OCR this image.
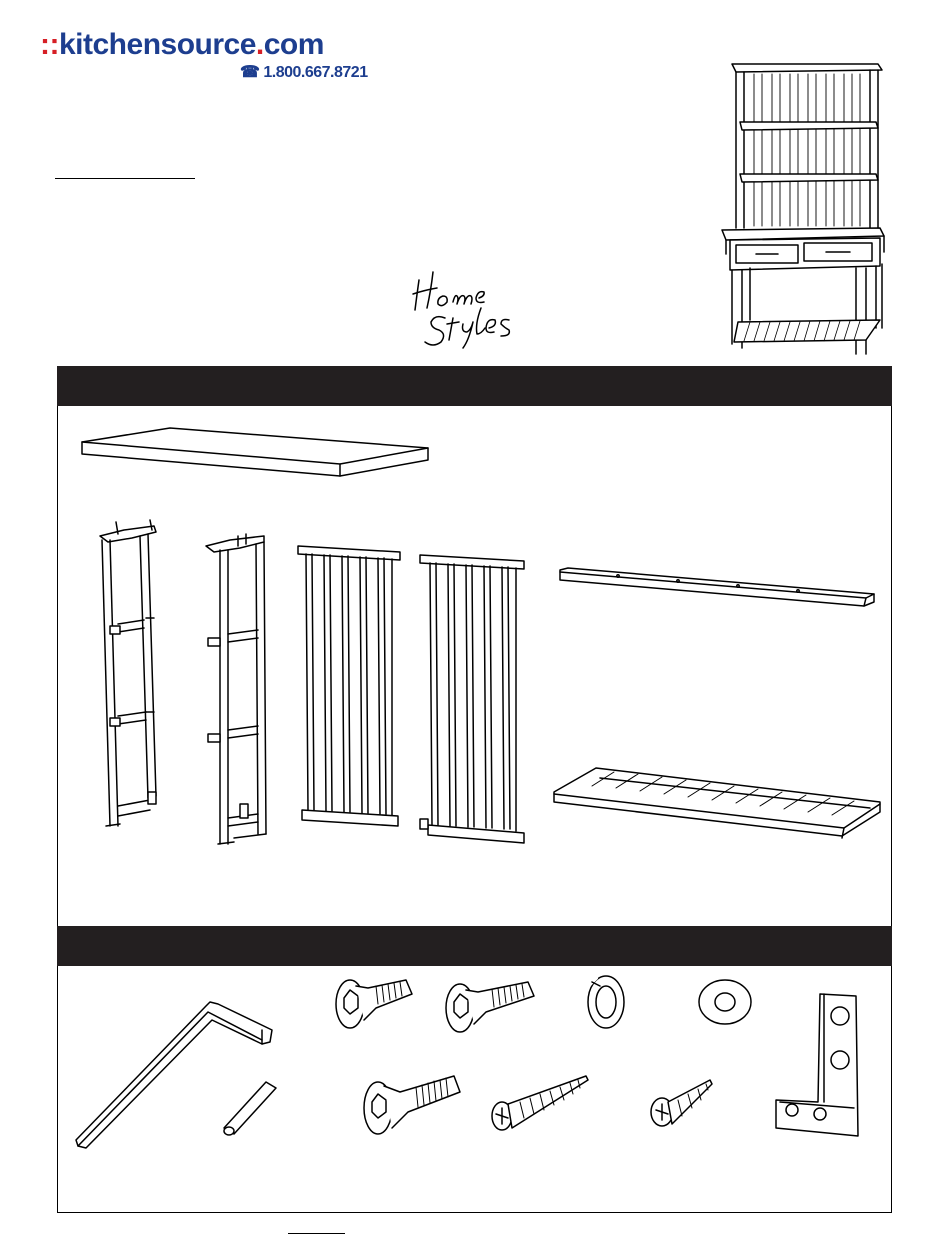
::kitchensource.com
☎ 1.800.667.8721
